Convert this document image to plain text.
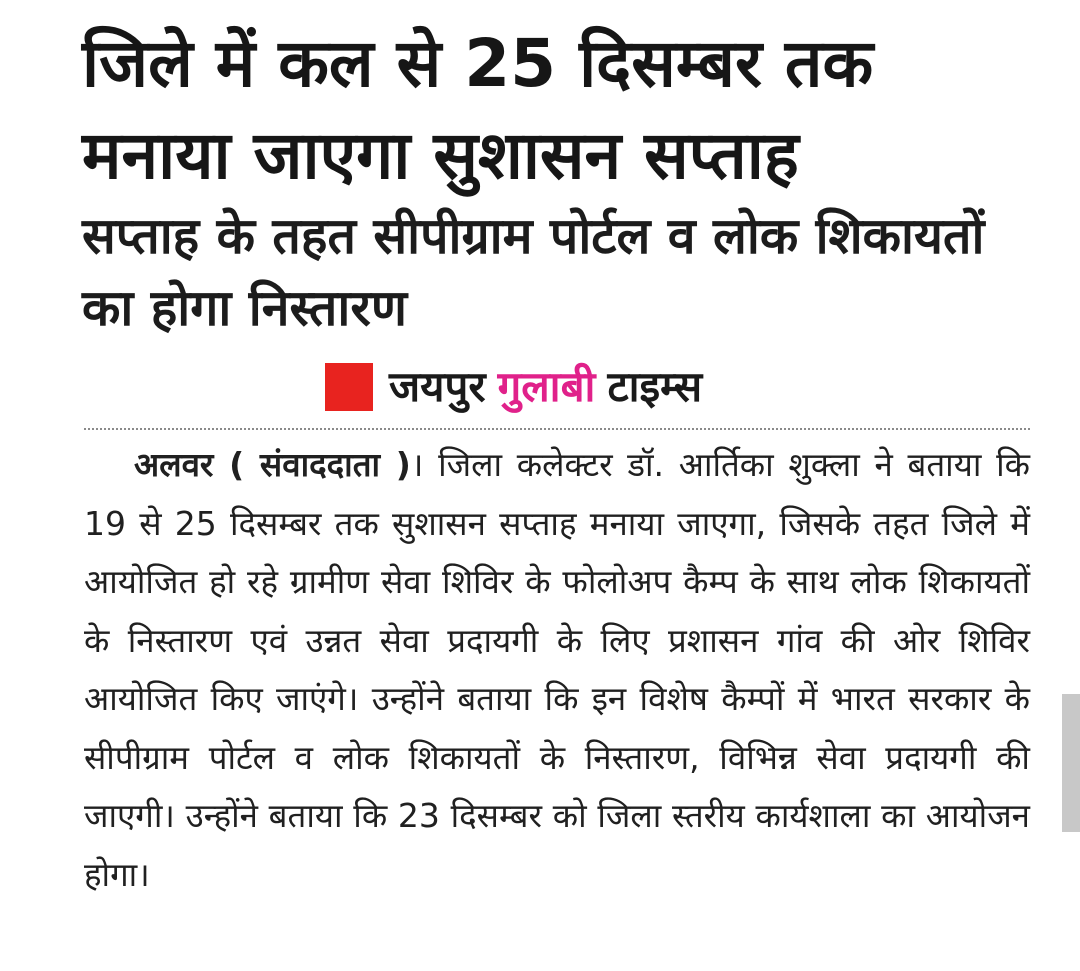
जिले में कल से 25 दिसम्बर तक मनाया जाएगा सुशासन सप्ताह
सप्ताह के तहत सीपीग्राम पोर्टल व लोक शिकायतों का होगा निस्तारण
जयपुर गुलाबी टाइम्स

अलवर ( संवाददाता )। जिला कलेक्टर डॉ. आर्तिका शुक्ला ने बताया कि 19 से 25 दिसम्बर तक सुशासन सप्ताह मनाया जाएगा, जिसके तहत जिले में आयोजित हो रहे ग्रामीण सेवा शिविर के फोलोअप कैम्प के साथ लोक शिकायतों के निस्तारण एवं उन्नत सेवा प्रदायगी के लिए प्रशासन गांव की ओर शिविर आयोजित किए जाएंगे। उन्होंने बताया कि इन विशेष कैम्पों में भारत सरकार के सीपीग्राम पोर्टल व लोक शिकायतों के निस्तारण, विभिन्न सेवा प्रदायगी की जाएगी। उन्होंने बताया कि 23 दिसम्बर को जिला स्तरीय कार्यशाला का आयोजन होगा।
